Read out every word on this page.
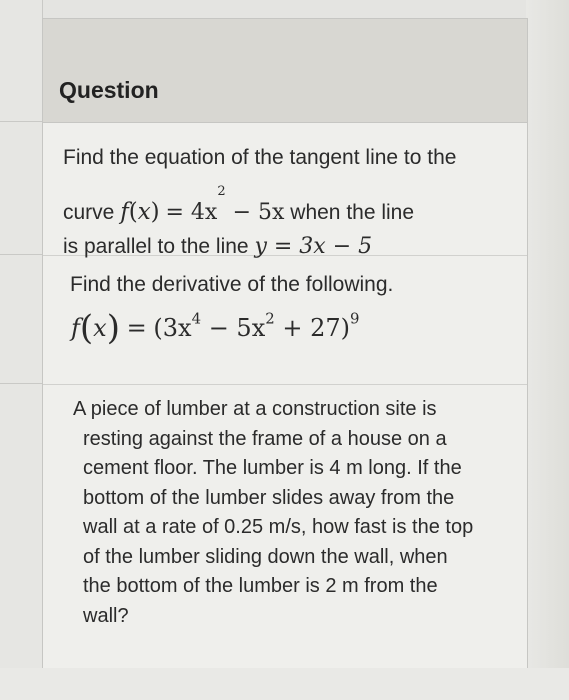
Question
Find the equation of the tangent line to the
curve $f(x) = 4x^2 - 5x$ when the line
is parallel to the line y = 3x − 5
Find the derivative of the following.
$f(x) = (3x^4 - 5x^2 + 27)^9$
A piece of lumber at a construction site is
resting against the frame of a house on a
cement floor. The lumber is 4 m long. If the
bottom of the lumber slides away from the
wall at a rate of 0.25 m/s, how fast is the top
of the lumber sliding down the wall, when
the bottom of the lumber is 2 m from the
wall?
